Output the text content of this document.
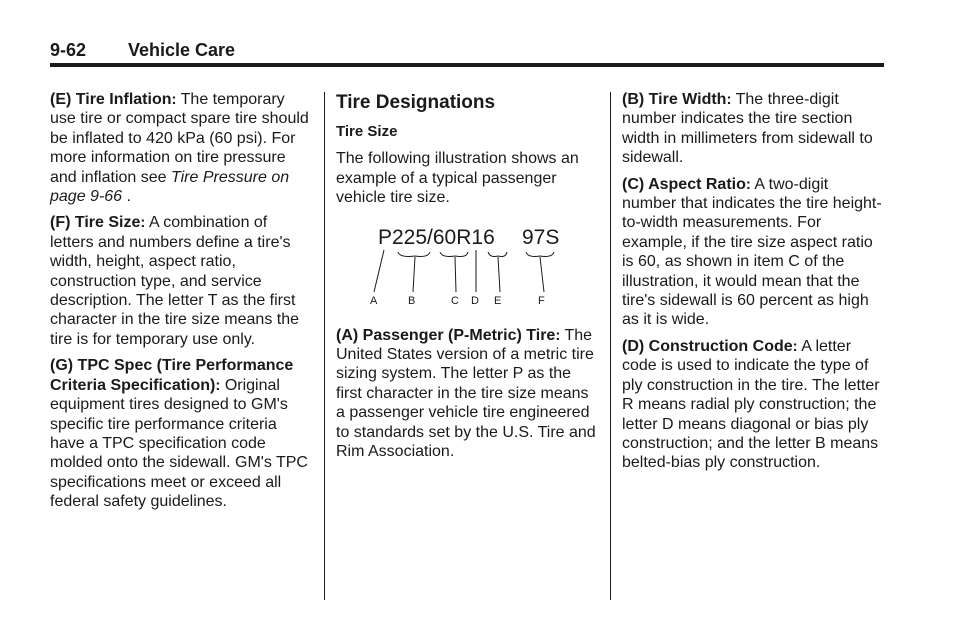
9-62 Vehicle Care

(E) Tire Inflation: The temporary use tire or compact spare tire should be inflated to 420 kPa (60 psi). For more information on tire pressure and inflation see Tire Pressure on page 9-66 .

(F) Tire Size: A combination of letters and numbers define a tire's width, height, aspect ratio, construction type, and service description. The letter T as the first character in the tire size means the tire is for temporary use only.

(G) TPC Spec (Tire Performance Criteria Specification): Original equipment tires designed to GM's specific tire performance criteria have a TPC specification code molded onto the sidewall. GM's TPC specifications meet or exceed all federal safety guidelines.

Tire Designations
Tire Size

The following illustration shows an example of a typical passenger vehicle tire size.

P225/60R16 97S
A	B	C D E	F

(A) Passenger (P-Metric) Tire: The United States version of a metric tire sizing system. The letter P as the first character in the tire size means a passenger vehicle tire engineered to standards set by the U.S. Tire and Rim Association.

(B) Tire Width: The three-digit number indicates the tire section width in millimeters from sidewall to sidewall.

(C) Aspect Ratio: A two-digit number that indicates the tire height-to-width measurements. For example, if the tire size aspect ratio is 60, as shown in item C of the illustration, it would mean that the tire's sidewall is 60 percent as high as it is wide.

(D) Construction Code: A letter code is used to indicate the type of ply construction in the tire. The letter R means radial ply construction; the letter D means diagonal or bias ply construction; and the letter B means belted-bias ply construction.
